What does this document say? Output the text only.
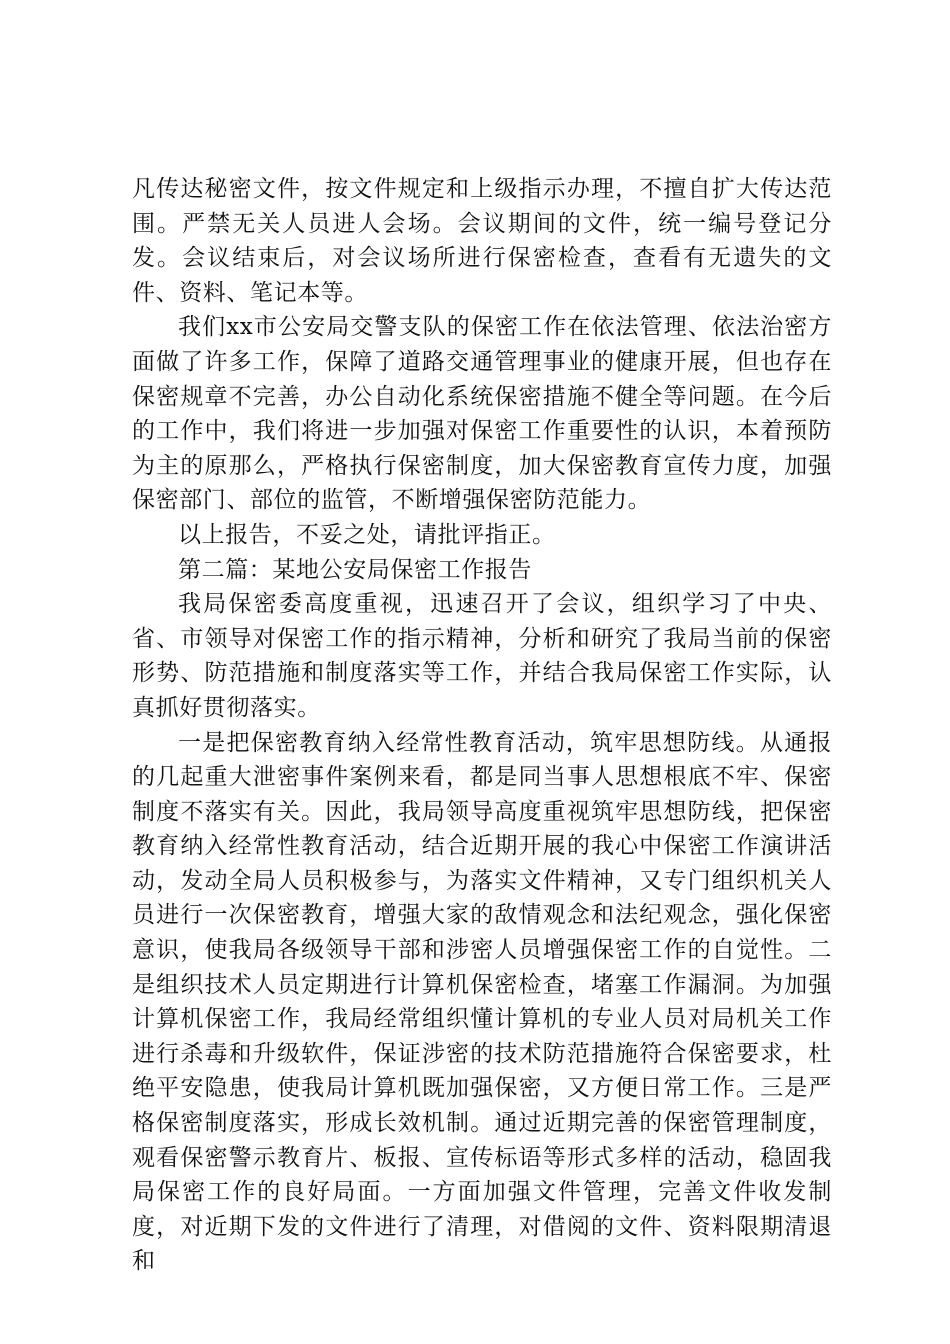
凡传达秘密文件，按文件规定和上级指示办理，不擅自扩大传达范围。严禁无关人员进人会场。会议期间的文件，统一编号登记分发。会议结束后，对会议场所进行保密检查，查看有无遗失的文件、资料、笔记本等。

我们xx市公安局交警支队的保密工作在依法管理、依法治密方面做了许多工作，保障了道路交通管理事业的健康开展，但也存在保密规章不完善，办公自动化系统保密措施不健全等问题。在今后的工作中，我们将进一步加强对保密工作重要性的认识，本着预防为主的原那么，严格执行保密制度，加大保密教育宣传力度，加强保密部门、部位的监管，不断增强保密防范能力。

以上报告，不妥之处，请批评指正。

第二篇：某地公安局保密工作报告

我局保密委高度重视，迅速召开了会议，组织学习了中央、省、市领导对保密工作的指示精神，分析和研究了我局当前的保密形势、防范措施和制度落实等工作，并结合我局保密工作实际，认真抓好贯彻落实。

一是把保密教育纳入经常性教育活动，筑牢思想防线。从通报的几起重大泄密事件案例来看，都是同当事人思想根底不牢、保密制度不落实有关。因此，我局领导高度重视筑牢思想防线，把保密教育纳入经常性教育活动，结合近期开展的我心中保密工作演讲活动，发动全局人员积极参与，为落实文件精神，又专门组织机关人员进行一次保密教育，增强大家的敌情观念和法纪观念，强化保密意识，使我局各级领导干部和涉密人员增强保密工作的自觉性。二是组织技术人员定期进行计算机保密检查，堵塞工作漏洞。为加强计算机保密工作，我局经常组织懂计算机的专业人员对局机关工作进行杀毒和升级软件，保证涉密的技术防范措施符合保密要求，杜绝平安隐患，使我局计算机既加强保密，又方便日常工作。三是严格保密制度落实，形成长效机制。通过近期完善的保密管理制度，观看保密警示教育片、板报、宣传标语等形式多样的活动，稳固我局保密工作的良好局面。一方面加强文件管理，完善文件收发制度，对近期下发的文件进行了清理，对借阅的文件、资料限期清退和
